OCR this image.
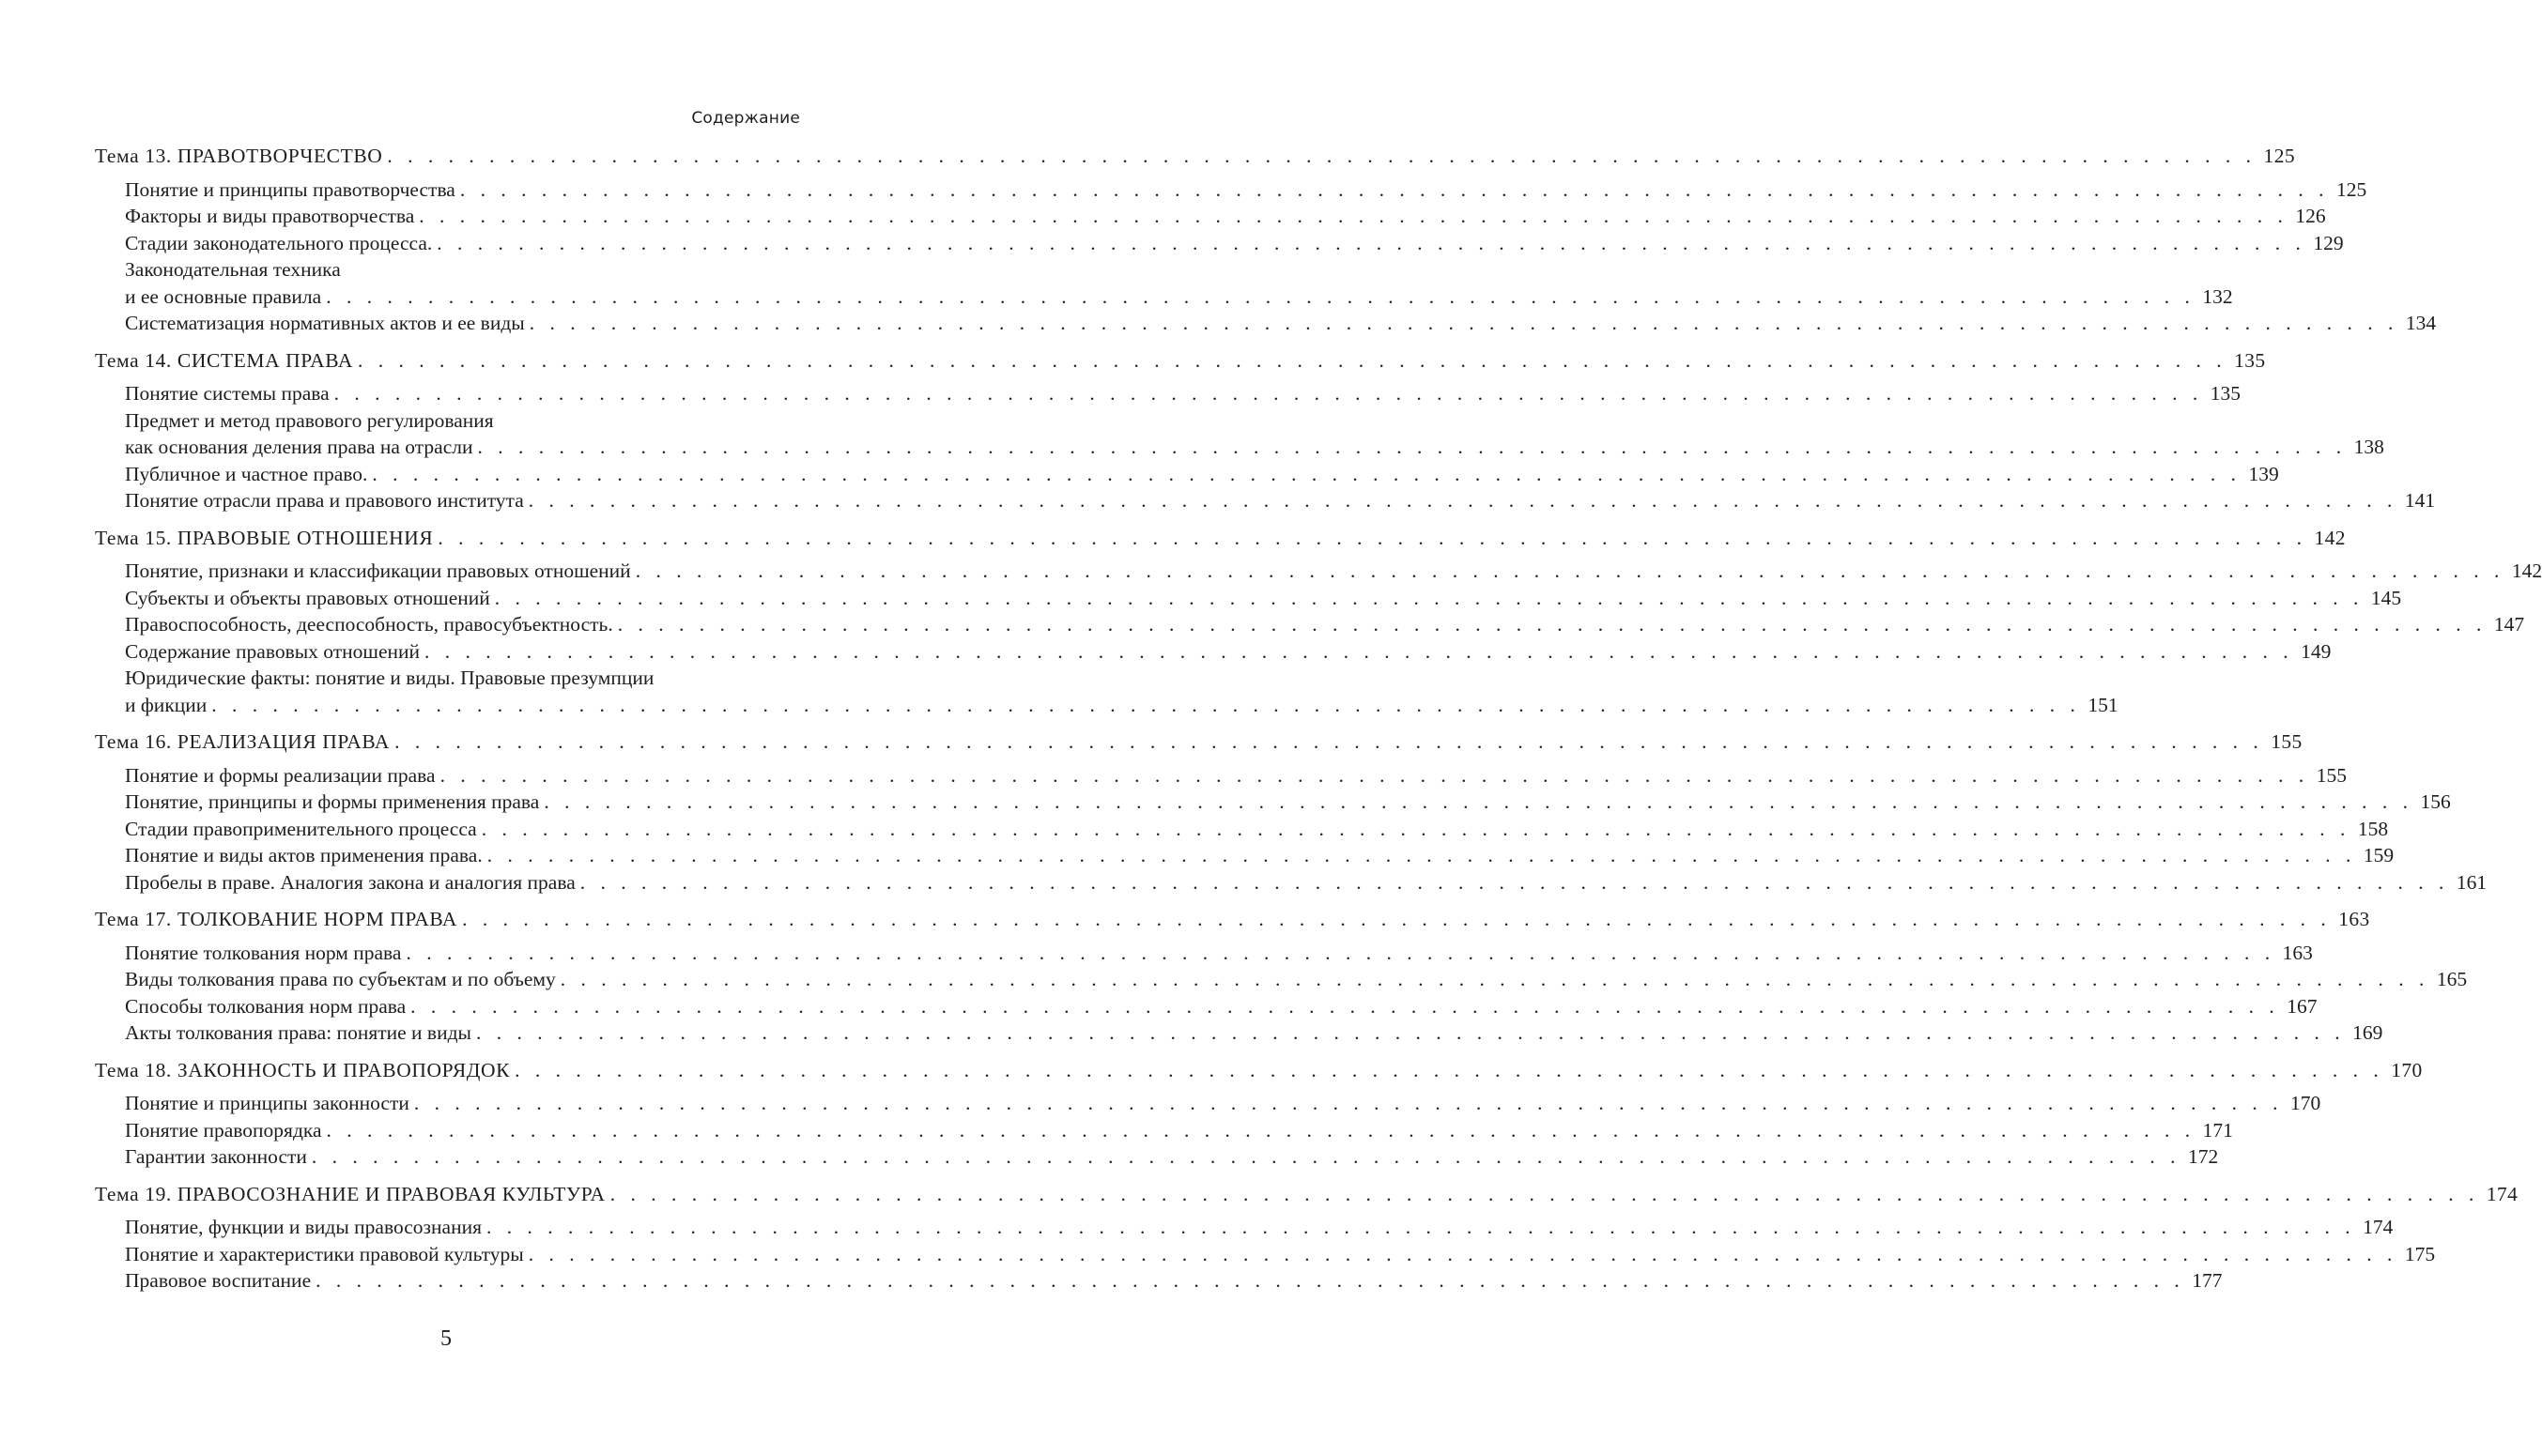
Содержание
Тема 13. ПРАВОТВОРЧЕСТВО . . . . . . . . . . . . . . . . . . . . . . . . . . . . . . . . . . . . . . . . . . . . . . . . . . . . . . . . . . . . . . . . . . . . . . . . . . . . . . . . . . . . . . . . . . . . 125
Понятие и принципы правотворчества . . . . . . . . . . . . . . . . . . . . . . . . . . . . . . . . . . . . . . . . . . . . . . . . . . . . . . . . . . . . . . . . . . . . . . . . . . . . . . . . . . . . . . . . . . . . 125
Факторы и виды правотворчества . . . . . . . . . . . . . . . . . . . . . . . . . . . . . . . . . . . . . . . . . . . . . . . . . . . . . . . . . . . . . . . . . . . . . . . . . . . . . . . . . . . . . . . . . . . . 126
Стадии законодательного процесса. . . . . . . . . . . . . . . . . . . . . . . . . . . . . . . . . . . . . . . . . . . . . . . . . . . . . . . . . . . . . . . . . . . . . . . . . . . . . . . . . . . . . . . . . . . . . 129
Законодательная техника
и ее основные правила . . . . . . . . . . . . . . . . . . . . . . . . . . . . . . . . . . . . . . . . . . . . . . . . . . . . . . . . . . . . . . . . . . . . . . . . . . . . . . . . . . . . . . . . . . . . 132
Систематизация нормативных актов и ее виды . . . . . . . . . . . . . . . . . . . . . . . . . . . . . . . . . . . . . . . . . . . . . . . . . . . . . . . . . . . . . . . . . . . . . . . . . . . . . . . . . . . . . . . . . . . . 134
Тема 14. СИСТЕМА ПРАВА . . . . . . . . . . . . . . . . . . . . . . . . . . . . . . . . . . . . . . . . . . . . . . . . . . . . . . . . . . . . . . . . . . . . . . . . . . . . . . . . . . . . . . . . . . . . 135
Понятие системы права . . . . . . . . . . . . . . . . . . . . . . . . . . . . . . . . . . . . . . . . . . . . . . . . . . . . . . . . . . . . . . . . . . . . . . . . . . . . . . . . . . . . . . . . . . . . 135
Предмет и метод правового регулирования
как основания деления права на отрасли . . . . . . . . . . . . . . . . . . . . . . . . . . . . . . . . . . . . . . . . . . . . . . . . . . . . . . . . . . . . . . . . . . . . . . . . . . . . . . . . . . . . . . . . . . . . 138
Публичное и частное право. . . . . . . . . . . . . . . . . . . . . . . . . . . . . . . . . . . . . . . . . . . . . . . . . . . . . . . . . . . . . . . . . . . . . . . . . . . . . . . . . . . . . . . . . . . . . 139
Понятие отрасли права и правового института . . . . . . . . . . . . . . . . . . . . . . . . . . . . . . . . . . . . . . . . . . . . . . . . . . . . . . . . . . . . . . . . . . . . . . . . . . . . . . . . . . . . . . . . . . . . 141
Тема 15. ПРАВОВЫЕ ОТНОШЕНИЯ . . . . . . . . . . . . . . . . . . . . . . . . . . . . . . . . . . . . . . . . . . . . . . . . . . . . . . . . . . . . . . . . . . . . . . . . . . . . . . . . . . . . . . . . . . . . 142
Понятие, признаки и классификации правовых отношений . . . . . . . . . . . . . . . . . . . . . . . . . . . . . . . . . . . . . . . . . . . . . . . . . . . . . . . . . . . . . . . . . . . . . . . . . . . . . . . . . . . . . . . . . . . . 142
Субъекты и объекты правовых отношений . . . . . . . . . . . . . . . . . . . . . . . . . . . . . . . . . . . . . . . . . . . . . . . . . . . . . . . . . . . . . . . . . . . . . . . . . . . . . . . . . . . . . . . . . . . . 145
Правоспособность, дееспособность, правосубъектность. . . . . . . . . . . . . . . . . . . . . . . . . . . . . . . . . . . . . . . . . . . . . . . . . . . . . . . . . . . . . . . . . . . . . . . . . . . . . . . . . . . . . . . . . . . . . 147
Содержание правовых отношений . . . . . . . . . . . . . . . . . . . . . . . . . . . . . . . . . . . . . . . . . . . . . . . . . . . . . . . . . . . . . . . . . . . . . . . . . . . . . . . . . . . . . . . . . . . . 149
Юридические факты: понятие и виды. Правовые презумпции
и фикции . . . . . . . . . . . . . . . . . . . . . . . . . . . . . . . . . . . . . . . . . . . . . . . . . . . . . . . . . . . . . . . . . . . . . . . . . . . . . . . . . . . . . . . . . . . . 151
Тема 16. РЕАЛИЗАЦИЯ ПРАВА . . . . . . . . . . . . . . . . . . . . . . . . . . . . . . . . . . . . . . . . . . . . . . . . . . . . . . . . . . . . . . . . . . . . . . . . . . . . . . . . . . . . . . . . . . . . 155
Понятие и формы реализации права . . . . . . . . . . . . . . . . . . . . . . . . . . . . . . . . . . . . . . . . . . . . . . . . . . . . . . . . . . . . . . . . . . . . . . . . . . . . . . . . . . . . . . . . . . . . 155
Понятие, принципы и формы применения права . . . . . . . . . . . . . . . . . . . . . . . . . . . . . . . . . . . . . . . . . . . . . . . . . . . . . . . . . . . . . . . . . . . . . . . . . . . . . . . . . . . . . . . . . . . . 156
Стадии правоприменительного процесса . . . . . . . . . . . . . . . . . . . . . . . . . . . . . . . . . . . . . . . . . . . . . . . . . . . . . . . . . . . . . . . . . . . . . . . . . . . . . . . . . . . . . . . . . . . . 158
Понятие и виды актов применения права. . . . . . . . . . . . . . . . . . . . . . . . . . . . . . . . . . . . . . . . . . . . . . . . . . . . . . . . . . . . . . . . . . . . . . . . . . . . . . . . . . . . . . . . . . . . . 159
Пробелы в праве. Аналогия закона и аналогия права . . . . . . . . . . . . . . . . . . . . . . . . . . . . . . . . . . . . . . . . . . . . . . . . . . . . . . . . . . . . . . . . . . . . . . . . . . . . . . . . . . . . . . . . . . . . 161
Тема 17. ТОЛКОВАНИЕ НОРМ ПРАВА . . . . . . . . . . . . . . . . . . . . . . . . . . . . . . . . . . . . . . . . . . . . . . . . . . . . . . . . . . . . . . . . . . . . . . . . . . . . . . . . . . . . . . . . . . . . 163
Понятие толкования норм права . . . . . . . . . . . . . . . . . . . . . . . . . . . . . . . . . . . . . . . . . . . . . . . . . . . . . . . . . . . . . . . . . . . . . . . . . . . . . . . . . . . . . . . . . . . . 163
Виды толкования права по субъектам и по объему . . . . . . . . . . . . . . . . . . . . . . . . . . . . . . . . . . . . . . . . . . . . . . . . . . . . . . . . . . . . . . . . . . . . . . . . . . . . . . . . . . . . . . . . . . . . 165
Способы толкования норм права . . . . . . . . . . . . . . . . . . . . . . . . . . . . . . . . . . . . . . . . . . . . . . . . . . . . . . . . . . . . . . . . . . . . . . . . . . . . . . . . . . . . . . . . . . . . 167
Акты толкования права: понятие и виды . . . . . . . . . . . . . . . . . . . . . . . . . . . . . . . . . . . . . . . . . . . . . . . . . . . . . . . . . . . . . . . . . . . . . . . . . . . . . . . . . . . . . . . . . . . . 169
Тема 18. ЗАКОННОСТЬ И ПРАВОПОРЯДОК . . . . . . . . . . . . . . . . . . . . . . . . . . . . . . . . . . . . . . . . . . . . . . . . . . . . . . . . . . . . . . . . . . . . . . . . . . . . . . . . . . . . . . . . . . . . 170
Понятие и принципы законности . . . . . . . . . . . . . . . . . . . . . . . . . . . . . . . . . . . . . . . . . . . . . . . . . . . . . . . . . . . . . . . . . . . . . . . . . . . . . . . . . . . . . . . . . . . . 170
Понятие правопорядка . . . . . . . . . . . . . . . . . . . . . . . . . . . . . . . . . . . . . . . . . . . . . . . . . . . . . . . . . . . . . . . . . . . . . . . . . . . . . . . . . . . . . . . . . . . . 171
Гарантии законности . . . . . . . . . . . . . . . . . . . . . . . . . . . . . . . . . . . . . . . . . . . . . . . . . . . . . . . . . . . . . . . . . . . . . . . . . . . . . . . . . . . . . . . . . . . . 172
Тема 19. ПРАВОСОЗНАНИЕ И ПРАВОВАЯ КУЛЬТУРА . . . . . . . . . . . . . . . . . . . . . . . . . . . . . . . . . . . . . . . . . . . . . . . . . . . . . . . . . . . . . . . . . . . . . . . . . . . . . . . . . . . . . . . . . . . . 174
Понятие, функции и виды правосознания . . . . . . . . . . . . . . . . . . . . . . . . . . . . . . . . . . . . . . . . . . . . . . . . . . . . . . . . . . . . . . . . . . . . . . . . . . . . . . . . . . . . . . . . . . . . 174
Понятие и характеристики правовой культуры . . . . . . . . . . . . . . . . . . . . . . . . . . . . . . . . . . . . . . . . . . . . . . . . . . . . . . . . . . . . . . . . . . . . . . . . . . . . . . . . . . . . . . . . . . . . 175
Правовое воспитание . . . . . . . . . . . . . . . . . . . . . . . . . . . . . . . . . . . . . . . . . . . . . . . . . . . . . . . . . . . . . . . . . . . . . . . . . . . . . . . . . . . . . . . . . . . . 177
5
